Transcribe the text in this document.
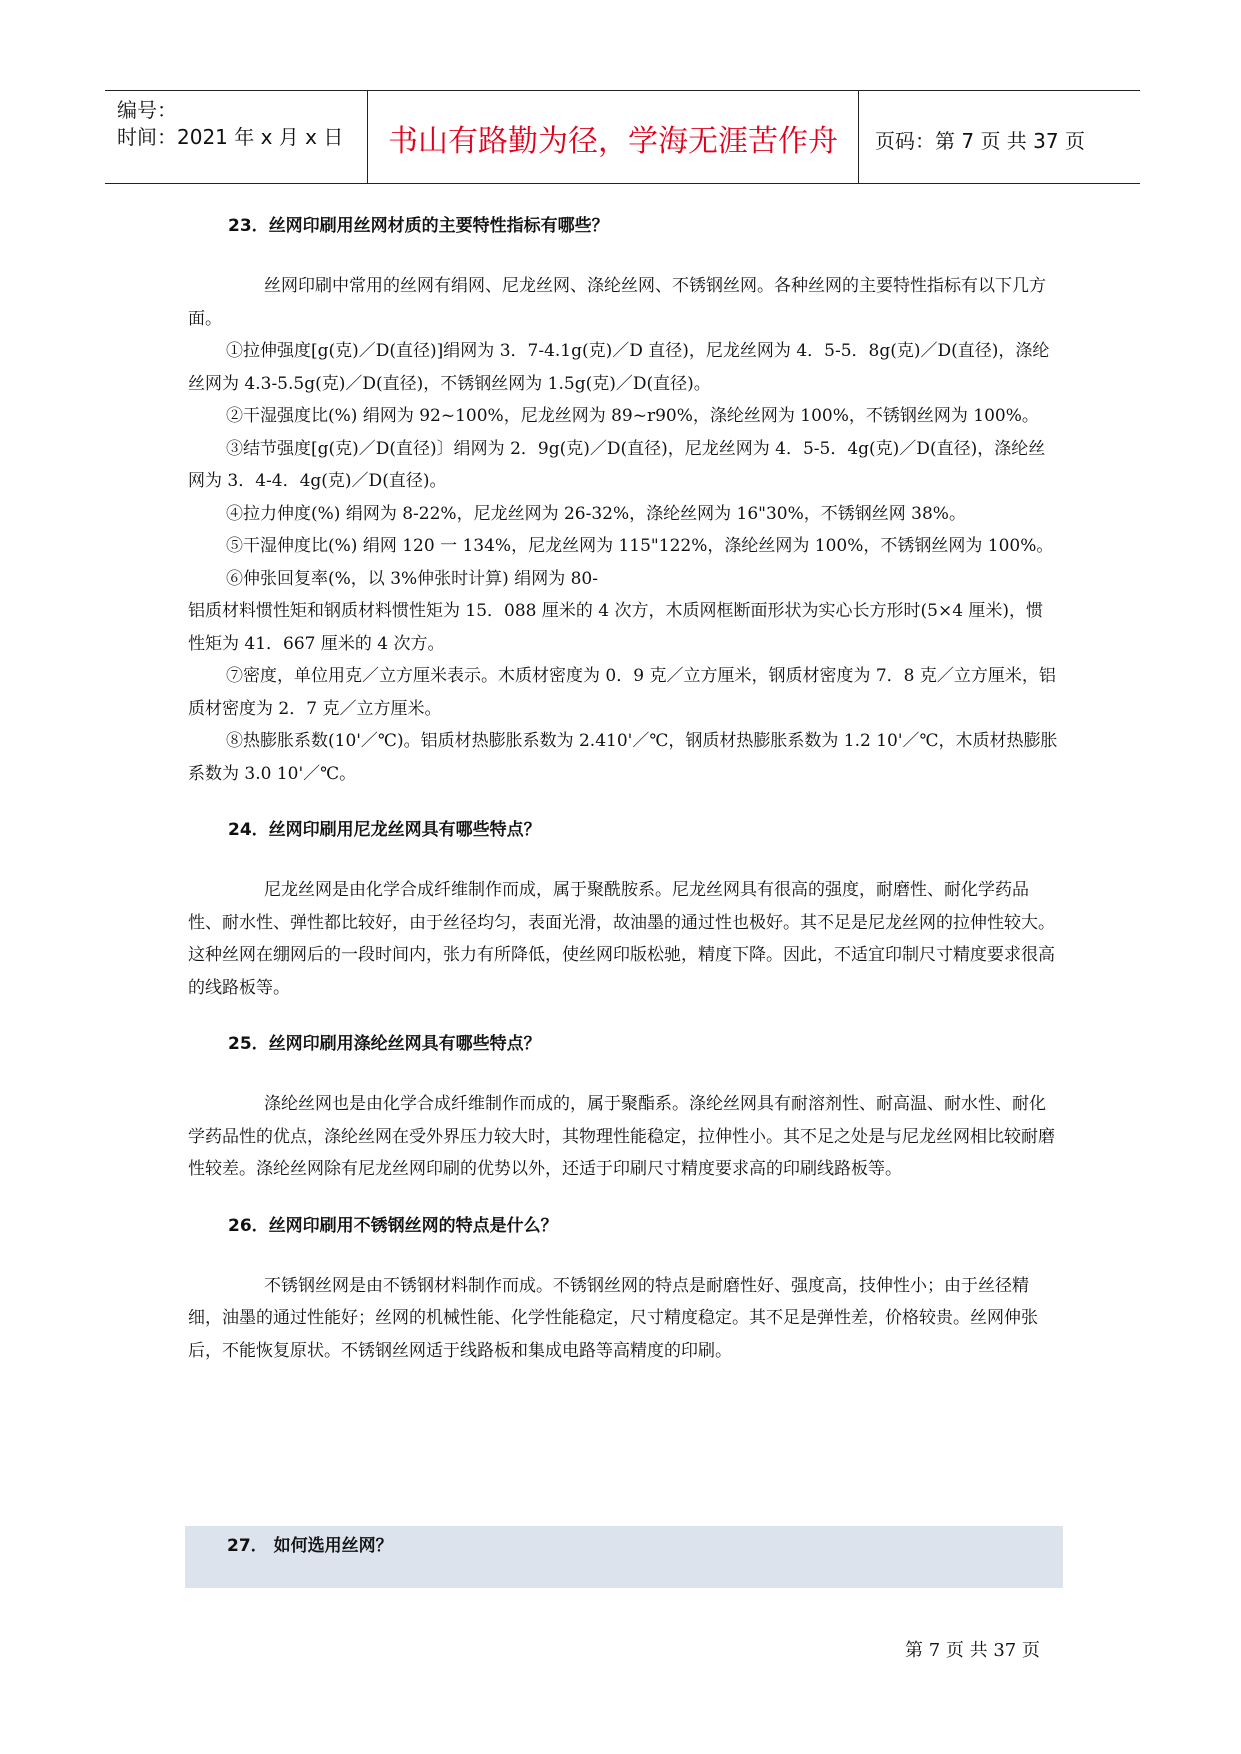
编号：
时间：2021 年 x 月 x 日	书山有路勤为径，学海无涯苦作舟	页码：第 7 页 共 37 页
23．丝网印刷用丝网材质的主要特性指标有哪些？

丝网印刷中常用的丝网有绢网、尼龙丝网、涤纶丝网、不锈钢丝网。各种丝网的主要特性指标有以下几方面。

①拉伸强度[g(克)／D(直径)]绢网为 3．7-4.1g(克)／D 直径)，尼龙丝网为 4．5-5．8g(克)／D(直径)，涤纶丝网为 4.3-5.5g(克)／D(直径)，不锈钢丝网为 1.5g(克)／D(直径)。

②干湿强度比(%) 绢网为 92~100%，尼龙丝网为 89~r90%，涤纶丝网为 100%，不锈钢丝网为 100%。

③结节强度[g(克)／D(直径)〕绢网为 2．9g(克)／D(直径)，尼龙丝网为 4．5-5．4g(克)／D(直径)，涤纶丝网为 3．4-4．4g(克)／D(直径)。

④拉力伸度(%) 绢网为 8-22%，尼龙丝网为 26-32%，涤纶丝网为 16"30%，不锈钢丝网 38%。

⑤干湿伸度比(%) 绢网 120 一 134%，尼龙丝网为 115"122%，涤纶丝网为 100%，不锈钢丝网为 100%。

⑥伸张回复率(%，以 3%伸张时计算) 绢网为 80-

铝质材料惯性矩和钢质材料惯性矩为 15．088 厘米的 4 次方，木质网框断面形状为实心长方形时(5×4 厘米)，惯性矩为 41．667 厘米的 4 次方。

⑦密度，单位用克／立方厘米表示。木质材密度为 0．9 克／立方厘米，钢质材密度为 7．8 克／立方厘米，铝质材密度为 2．7 克／立方厘米。

⑧热膨胀系数(10'／℃)。铝质材热膨胀系数为 2.410'／℃，钢质材热膨胀系数为 1.2 10'／℃，木质材热膨胀系数为 3.0 10'／℃。

24．丝网印刷用尼龙丝网具有哪些特点？

尼龙丝网是由化学合成纤维制作而成，属于聚酰胺系。尼龙丝网具有很高的强度，耐磨性、耐化学药品性、耐水性、弹性都比较好，由于丝径均匀，表面光滑，故油墨的通过性也极好。其不足是尼龙丝网的拉伸性较大。这种丝网在绷网后的一段时间内，张力有所降低，使丝网印版松驰，精度下降。因此，不适宜印制尺寸精度要求很高的线路板等。

25．丝网印刷用涤纶丝网具有哪些特点？

涤纶丝网也是由化学合成纤维制作而成的，属于聚酯系。涤纶丝网具有耐溶剂性、耐高温、耐水性、耐化学药品性的优点，涤纶丝网在受外界压力较大时，其物理性能稳定，拉伸性小。其不足之处是与尼龙丝网相比较耐磨性较差。涤纶丝网除有尼龙丝网印刷的优势以外，还适于印刷尺寸精度要求高的印刷线路板等。

26．丝网印刷用不锈钢丝网的特点是什么？

不锈钢丝网是由不锈钢材料制作而成。不锈钢丝网的特点是耐磨性好、强度高，技伸性小；由于丝径精细，油墨的通过性能好；丝网的机械性能、化学性能稳定，尺寸精度稳定。其不足是弹性差，价格较贵。丝网伸张后，不能恢复原状。不锈钢丝网适于线路板和集成电路等高精度的印刷。

27． 如何选用丝网？
第 7 页 共 37 页
